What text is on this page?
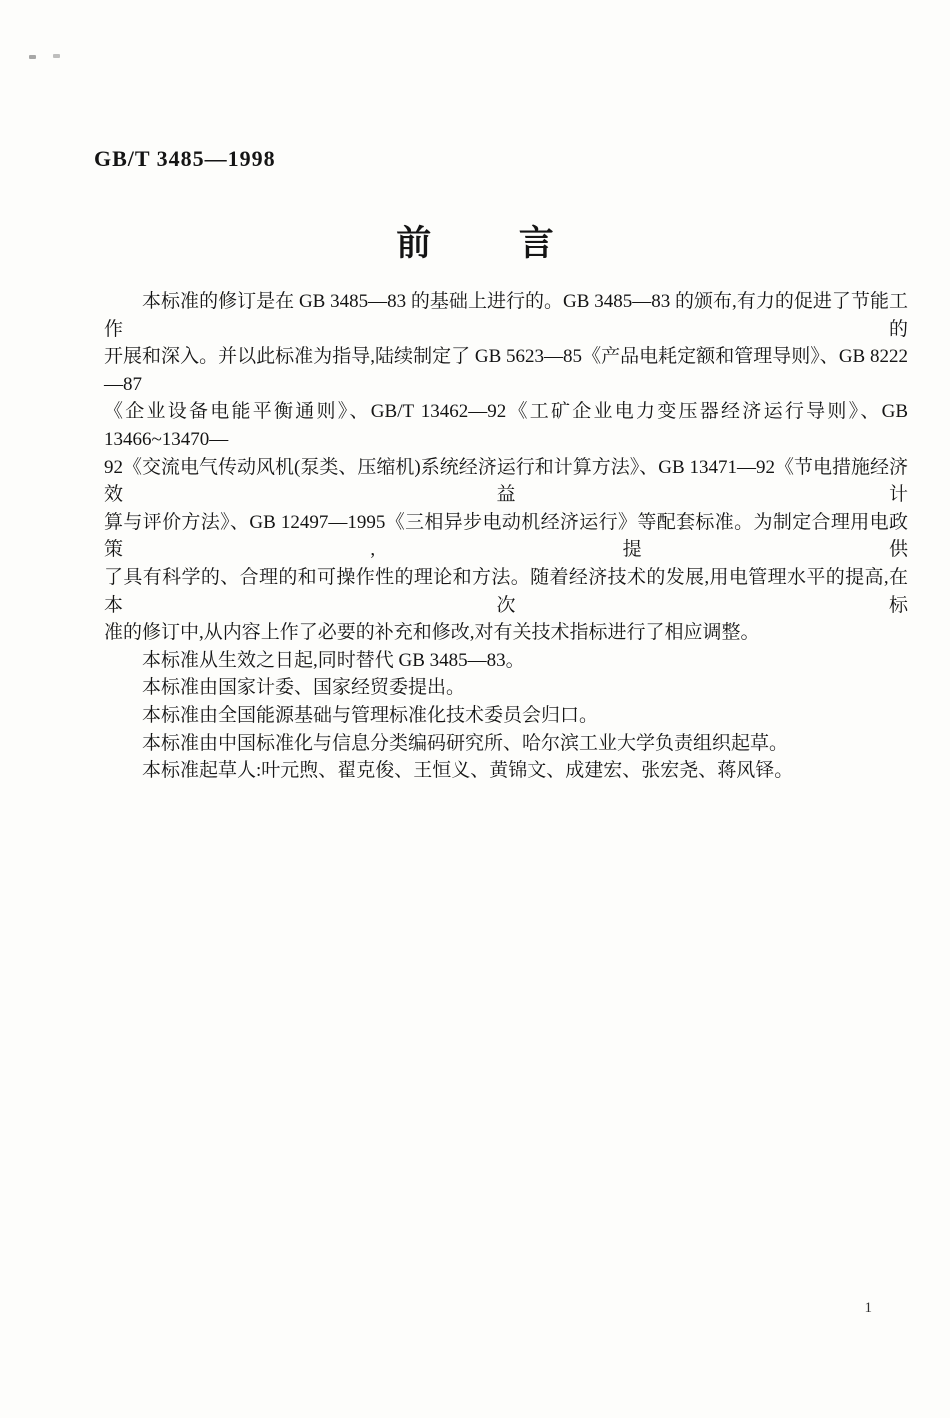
GB/T 3485—1998
前言
本标准的修订是在 GB 3485—83 的基础上进行的。GB 3485—83 的颁布,有力的促进了节能工作的
开展和深入。并以此标准为指导,陆续制定了 GB 5623—85《产品电耗定额和管理导则》、GB 8222—87
《企业设备电能平衡通则》、GB/T 13462—92《工矿企业电力变压器经济运行导则》、GB 13466~13470—
92《交流电气传动风机(泵类、压缩机)系统经济运行和计算方法》、GB 13471—92《节电措施经济效益计
算与评价方法》、GB 12497—1995《三相异步电动机经济运行》等配套标准。为制定合理用电政策,提供
了具有科学的、合理的和可操作性的理论和方法。随着经济技术的发展,用电管理水平的提高,在本次标
准的修订中,从内容上作了必要的补充和修改,对有关技术指标进行了相应调整。
本标准从生效之日起,同时替代 GB 3485—83。
本标准由国家计委、国家经贸委提出。
本标准由全国能源基础与管理标准化技术委员会归口。
本标准由中国标准化与信息分类编码研究所、哈尔滨工业大学负责组织起草。
本标准起草人:叶元煦、翟克俊、王恒义、黄锦文、成建宏、张宏尧、蒋风铎。
1
